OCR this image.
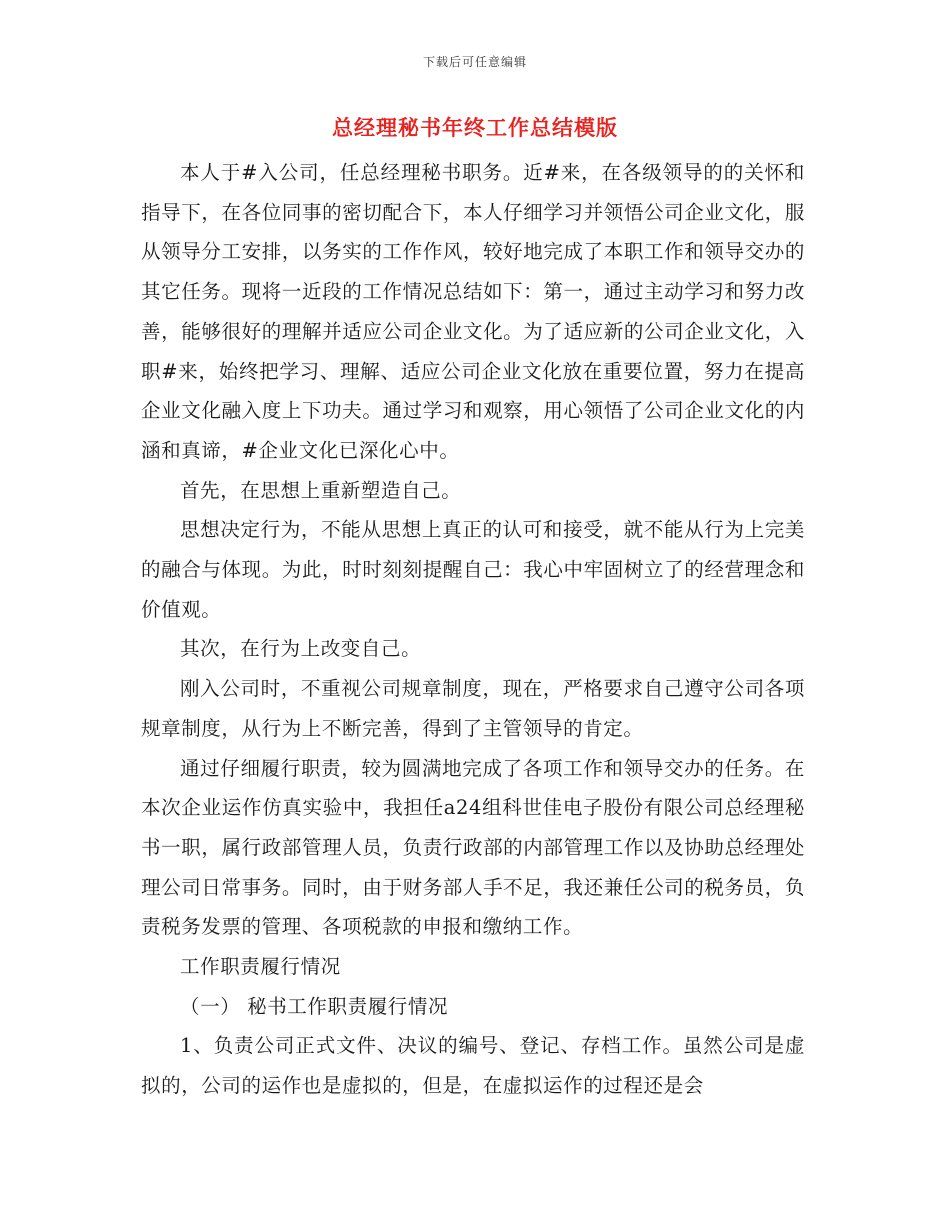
下载后可任意编辑
总经理秘书年终工作总结模版

本人于#入公司，任总经理秘书职务。近#来，在各级领导的的关怀和指导下，在各位同事的密切配合下，本人仔细学习并领悟公司企业文化，服从领导分工安排，以务实的工作作风，较好地完成了本职工作和领导交办的其它任务。现将一近段的工作情况总结如下：第一，通过主动学习和努力改善，能够很好的理解并适应公司企业文化。为了适应新的公司企业文化，入职#来，始终把学习、理解、适应公司企业文化放在重要位置，努力在提高企业文化融入度上下功夫。通过学习和观察，用心领悟了公司企业文化的内涵和真谛，#企业文化已深化心中。

首先，在思想上重新塑造自己。

思想决定行为，不能从思想上真正的认可和接受，就不能从行为上完美的融合与体现。为此，时时刻刻提醒自己：我心中牢固树立了的经营理念和价值观。

其次，在行为上改变自己。

刚入公司时，不重视公司规章制度，现在，严格要求自己遵守公司各项规章制度，从行为上不断完善，得到了主管领导的肯定。

通过仔细履行职责，较为圆满地完成了各项工作和领导交办的任务。在本次企业运作仿真实验中，我担任a24组科世佳电子股份有限公司总经理秘书一职，属行政部管理人员，负责行政部的内部管理工作以及协助总经理处理公司日常事务。同时，由于财务部人手不足，我还兼任公司的税务员，负责税务发票的管理、各项税款的申报和缴纳工作。

工作职责履行情况

（一） 秘书工作职责履行情况

1、负责公司正式文件、决议的编号、登记、存档工作。虽然公司是虚拟的，公司的运作也是虚拟的，但是，在虚拟运作的过程还是会
